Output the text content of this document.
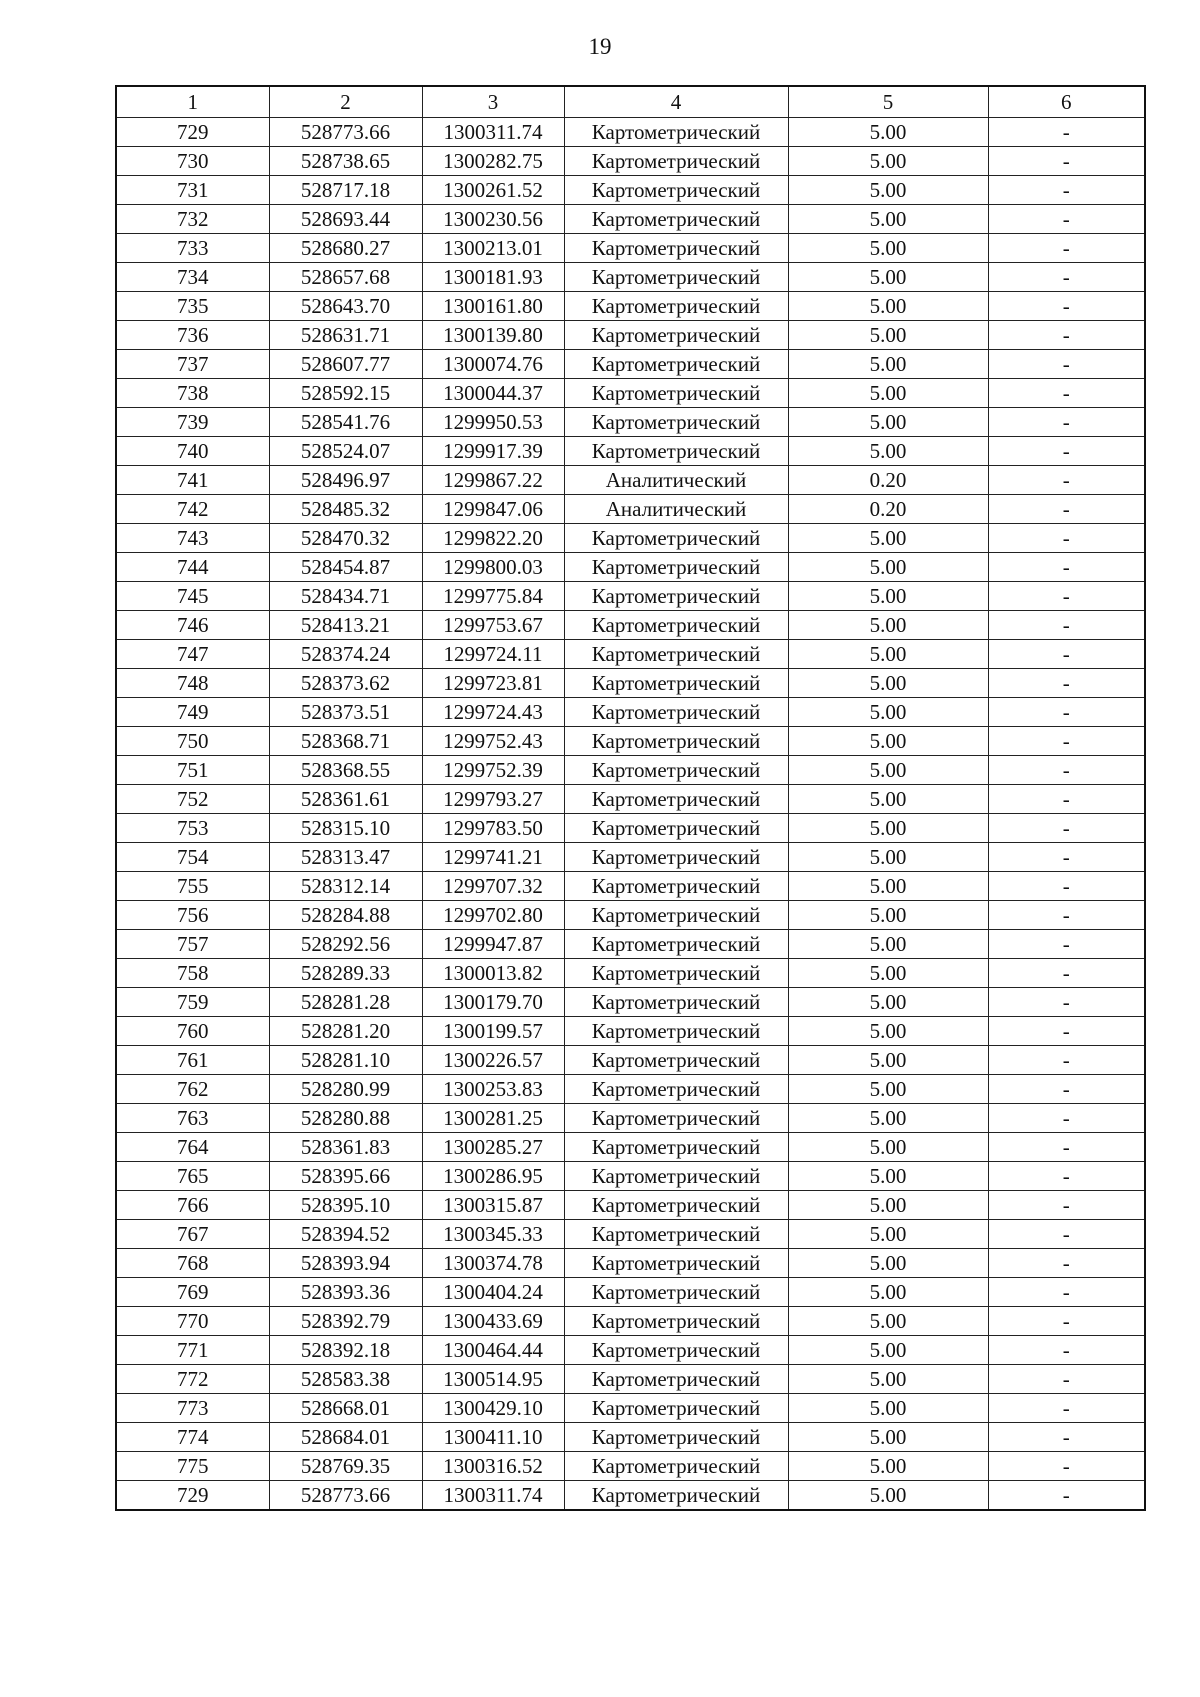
19
1	2	3	4	5	6
729	528773.66	1300311.74	Картометрический	5.00	-
730	528738.65	1300282.75	Картометрический	5.00	-
731	528717.18	1300261.52	Картометрический	5.00	-
732	528693.44	1300230.56	Картометрический	5.00	-
733	528680.27	1300213.01	Картометрический	5.00	-
734	528657.68	1300181.93	Картометрический	5.00	-
735	528643.70	1300161.80	Картометрический	5.00	-
736	528631.71	1300139.80	Картометрический	5.00	-
737	528607.77	1300074.76	Картометрический	5.00	-
738	528592.15	1300044.37	Картометрический	5.00	-
739	528541.76	1299950.53	Картометрический	5.00	-
740	528524.07	1299917.39	Картометрический	5.00	-
741	528496.97	1299867.22	Аналитический	0.20	-
742	528485.32	1299847.06	Аналитический	0.20	-
743	528470.32	1299822.20	Картометрический	5.00	-
744	528454.87	1299800.03	Картометрический	5.00	-
745	528434.71	1299775.84	Картометрический	5.00	-
746	528413.21	1299753.67	Картометрический	5.00	-
747	528374.24	1299724.11	Картометрический	5.00	-
748	528373.62	1299723.81	Картометрический	5.00	-
749	528373.51	1299724.43	Картометрический	5.00	-
750	528368.71	1299752.43	Картометрический	5.00	-
751	528368.55	1299752.39	Картометрический	5.00	-
752	528361.61	1299793.27	Картометрический	5.00	-
753	528315.10	1299783.50	Картометрический	5.00	-
754	528313.47	1299741.21	Картометрический	5.00	-
755	528312.14	1299707.32	Картометрический	5.00	-
756	528284.88	1299702.80	Картометрический	5.00	-
757	528292.56	1299947.87	Картометрический	5.00	-
758	528289.33	1300013.82	Картометрический	5.00	-
759	528281.28	1300179.70	Картометрический	5.00	-
760	528281.20	1300199.57	Картометрический	5.00	-
761	528281.10	1300226.57	Картометрический	5.00	-
762	528280.99	1300253.83	Картометрический	5.00	-
763	528280.88	1300281.25	Картометрический	5.00	-
764	528361.83	1300285.27	Картометрический	5.00	-
765	528395.66	1300286.95	Картометрический	5.00	-
766	528395.10	1300315.87	Картометрический	5.00	-
767	528394.52	1300345.33	Картометрический	5.00	-
768	528393.94	1300374.78	Картометрический	5.00	-
769	528393.36	1300404.24	Картометрический	5.00	-
770	528392.79	1300433.69	Картометрический	5.00	-
771	528392.18	1300464.44	Картометрический	5.00	-
772	528583.38	1300514.95	Картометрический	5.00	-
773	528668.01	1300429.10	Картометрический	5.00	-
774	528684.01	1300411.10	Картометрический	5.00	-
775	528769.35	1300316.52	Картометрический	5.00	-
729	528773.66	1300311.74	Картометрический	5.00	-
